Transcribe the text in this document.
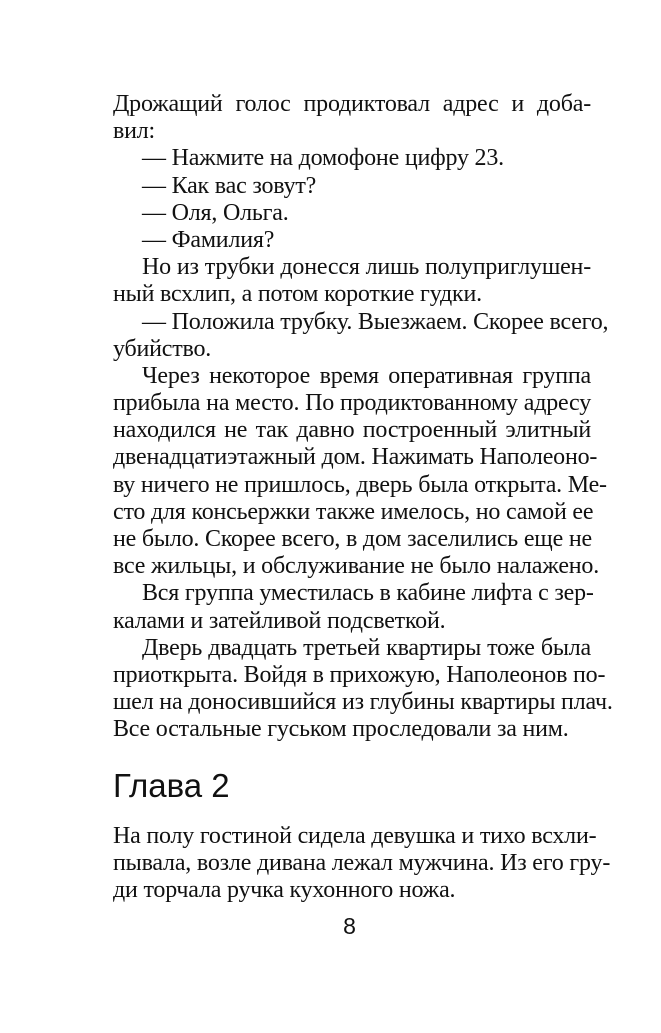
Дрожащий голос продиктовал адрес и доба-
вил:
— Нажмите на домофоне цифру 23.
— Как вас зовут?
— Оля, Ольга.
— Фамилия?
Но из трубки донесся лишь полуприглушен-
ный всхлип, а потом короткие гудки.
— Положила трубку. Выезжаем. Скорее всего,
убийство.
Через некоторое время оперативная группа
прибыла на место. По продиктованному адресу
находился не так давно построенный элитный
двенадцатиэтажный дом. Нажимать Наполеоно-
ву ничего не пришлось, дверь была открыта. Ме-
сто для консьержки также имелось, но самой ее
не было. Скорее всего, в дом заселились еще не
все жильцы, и обслуживание не было налажено.
Вся группа уместилась в кабине лифта с зер-
калами и затейливой подсветкой.
Дверь двадцать третьей квартиры тоже была
приоткрыта. Войдя в прихожую, Наполеонов по-
шел на доносившийся из глубины квартиры плач.
Все остальные гуськом проследовали за ним.
Глава 2
На полу гостиной сидела девушка и тихо всхли-
пывала, возле дивана лежал мужчина. Из его гру-
ди торчала ручка кухонного ножа.
8
